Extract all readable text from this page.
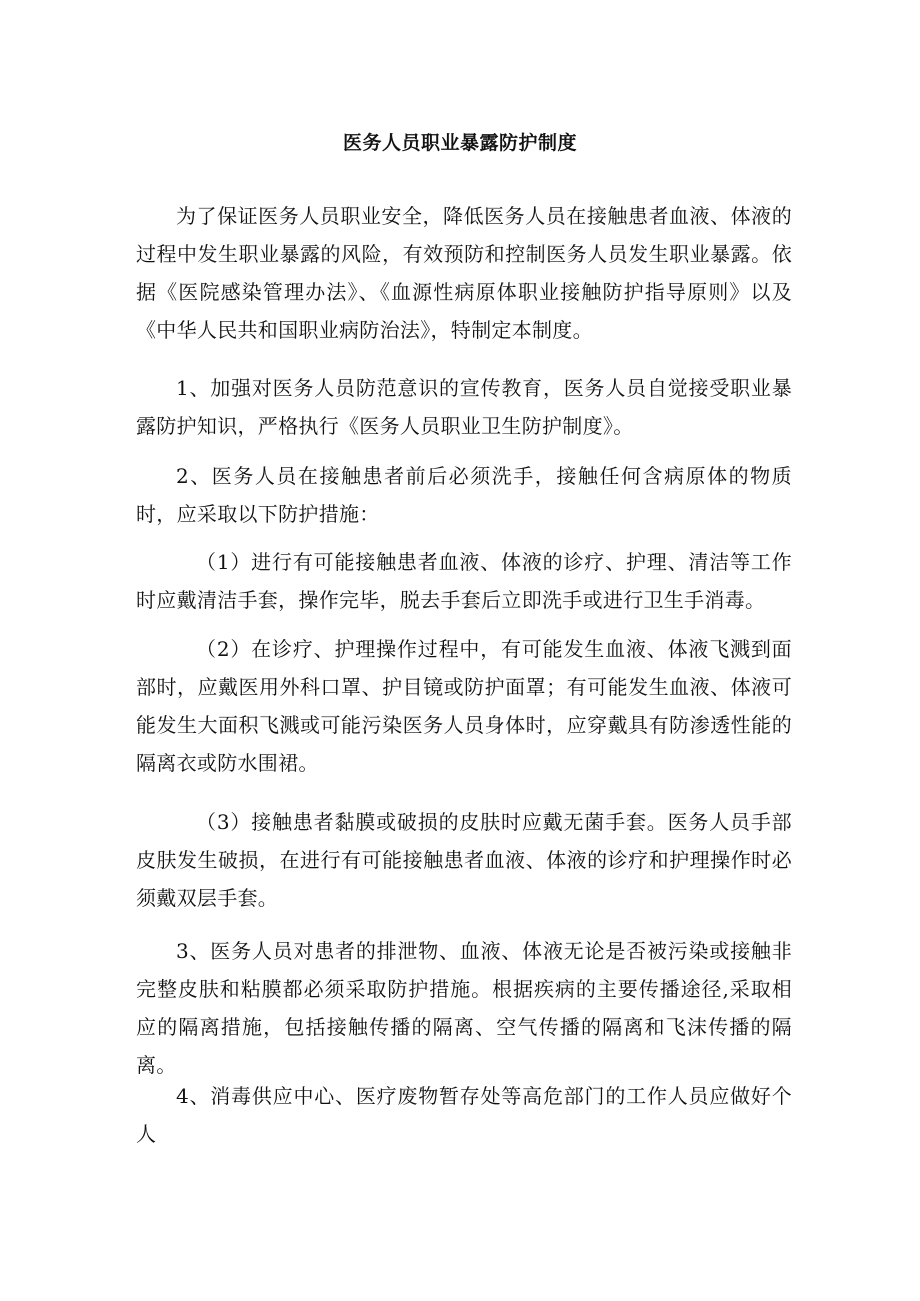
医务人员职业暴露防护制度

为了保证医务人员职业安全，降低医务人员在接触患者血液、体液的过程中发生职业暴露的风险，有效预防和控制医务人员发生职业暴露。依据《医院感染管理办法》、《血源性病原体职业接触防护指导原则》以及《中华人民共和国职业病防治法》，特制定本制度。

1、加强对医务人员防范意识的宣传教育，医务人员自觉接受职业暴露防护知识，严格执行《医务人员职业卫生防护制度》。

2、医务人员在接触患者前后必须洗手，接触任何含病原体的物质时，应采取以下防护措施：

（1）进行有可能接触患者血液、体液的诊疗、护理、清洁等工作时应戴清洁手套，操作完毕，脱去手套后立即洗手或进行卫生手消毒。

（2）在诊疗、护理操作过程中，有可能发生血液、体液飞溅到面部时，应戴医用外科口罩、护目镜或防护面罩；有可能发生血液、体液可能发生大面积飞溅或可能污染医务人员身体时，应穿戴具有防渗透性能的隔离衣或防水围裙。

（3）接触患者黏膜或破损的皮肤时应戴无菌手套。医务人员手部皮肤发生破损，在进行有可能接触患者血液、体液的诊疗和护理操作时必须戴双层手套。

3、医务人员对患者的排泄物、血液、体液无论是否被污染或接触非完整皮肤和粘膜都必须采取防护措施。根据疾病的主要传播途径,采取相应的隔离措施，包括接触传播的隔离、空气传播的隔离和飞沫传播的隔离。

4、消毒供应中心、医疗废物暂存处等高危部门的工作人员应做好个人
